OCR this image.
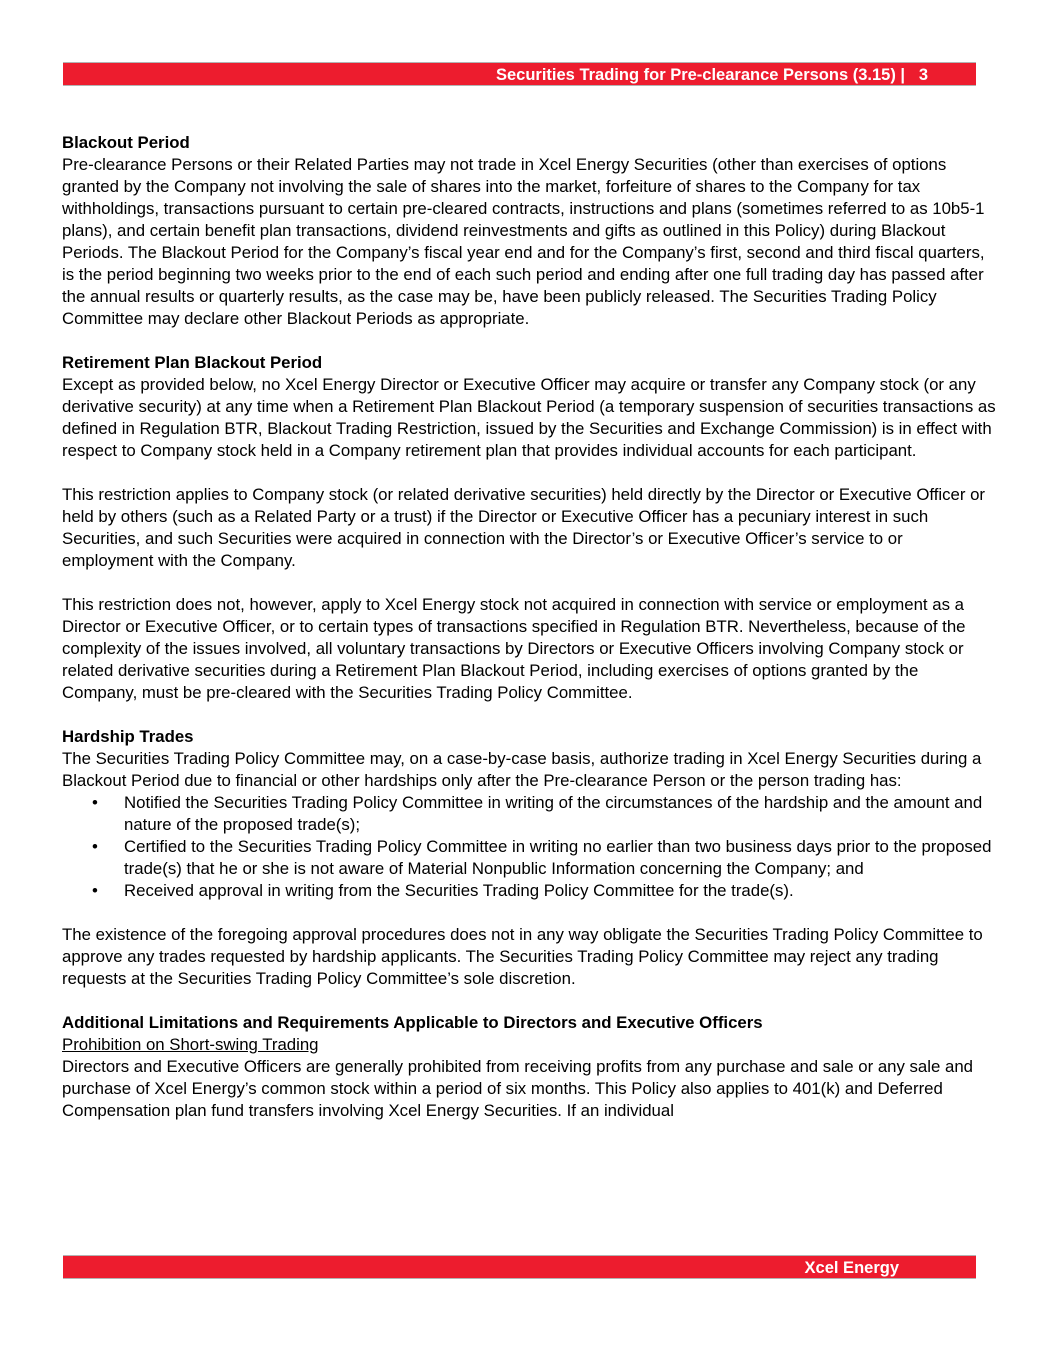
Securities Trading for Pre-clearance Persons (3.15) | 3

Blackout Period

Pre-clearance Persons or their Related Parties may not trade in Xcel Energy Securities (other than exercises of options granted by the Company not involving the sale of shares into the market, forfeiture of shares to the Company for tax withholdings, transactions pursuant to certain pre-cleared contracts, instructions and plans (sometimes referred to as 10b5-1 plans), and certain benefit plan transactions, dividend reinvestments and gifts as outlined in this Policy) during Blackout Periods. The Blackout Period for the Company’s fiscal year end and for the Company’s first, second and third fiscal quarters, is the period beginning two weeks prior to the end of each such period and ending after one full trading day has passed after the annual results or quarterly results, as the case may be, have been publicly released. The Securities Trading Policy Committee may declare other Blackout Periods as appropriate.

Retirement Plan Blackout Period

Except as provided below, no Xcel Energy Director or Executive Officer may acquire or transfer any Company stock (or any derivative security) at any time when a Retirement Plan Blackout Period (a temporary suspension of securities transactions as defined in Regulation BTR, Blackout Trading Restriction, issued by the Securities and Exchange Commission) is in effect with respect to Company stock held in a Company retirement plan that provides individual accounts for each participant.

This restriction applies to Company stock (or related derivative securities) held directly by the Director or Executive Officer or held by others (such as a Related Party or a trust) if the Director or Executive Officer has a pecuniary interest in such Securities, and such Securities were acquired in connection with the Director’s or Executive Officer’s service to or employment with the Company.

This restriction does not, however, apply to Xcel Energy stock not acquired in connection with service or employment as a Director or Executive Officer, or to certain types of transactions specified in Regulation BTR. Nevertheless, because of the complexity of the issues involved, all voluntary transactions by Directors or Executive Officers involving Company stock or related derivative securities during a Retirement Plan Blackout Period, including exercises of options granted by the Company, must be pre-cleared with the Securities Trading Policy Committee.

Hardship Trades

The Securities Trading Policy Committee may, on a case-by-case basis, authorize trading in Xcel Energy Securities during a Blackout Period due to financial or other hardships only after the Pre-clearance Person or the person trading has:

• Notified the Securities Trading Policy Committee in writing of the circumstances of the hardship and the amount and nature of the proposed trade(s);
• Certified to the Securities Trading Policy Committee in writing no earlier than two business days prior to the proposed trade(s) that he or she is not aware of Material Nonpublic Information concerning the Company; and
• Received approval in writing from the Securities Trading Policy Committee for the trade(s).

The existence of the foregoing approval procedures does not in any way obligate the Securities Trading Policy Committee to approve any trades requested by hardship applicants. The Securities Trading Policy Committee may reject any trading requests at the Securities Trading Policy Committee’s sole discretion.

Additional Limitations and Requirements Applicable to Directors and Executive Officers

Prohibition on Short-swing Trading

Directors and Executive Officers are generally prohibited from receiving profits from any purchase and sale or any sale and purchase of Xcel Energy’s common stock within a period of six months. This Policy also applies to 401(k) and Deferred Compensation plan fund transfers involving Xcel Energy Securities. If an individual

Xcel Energy
